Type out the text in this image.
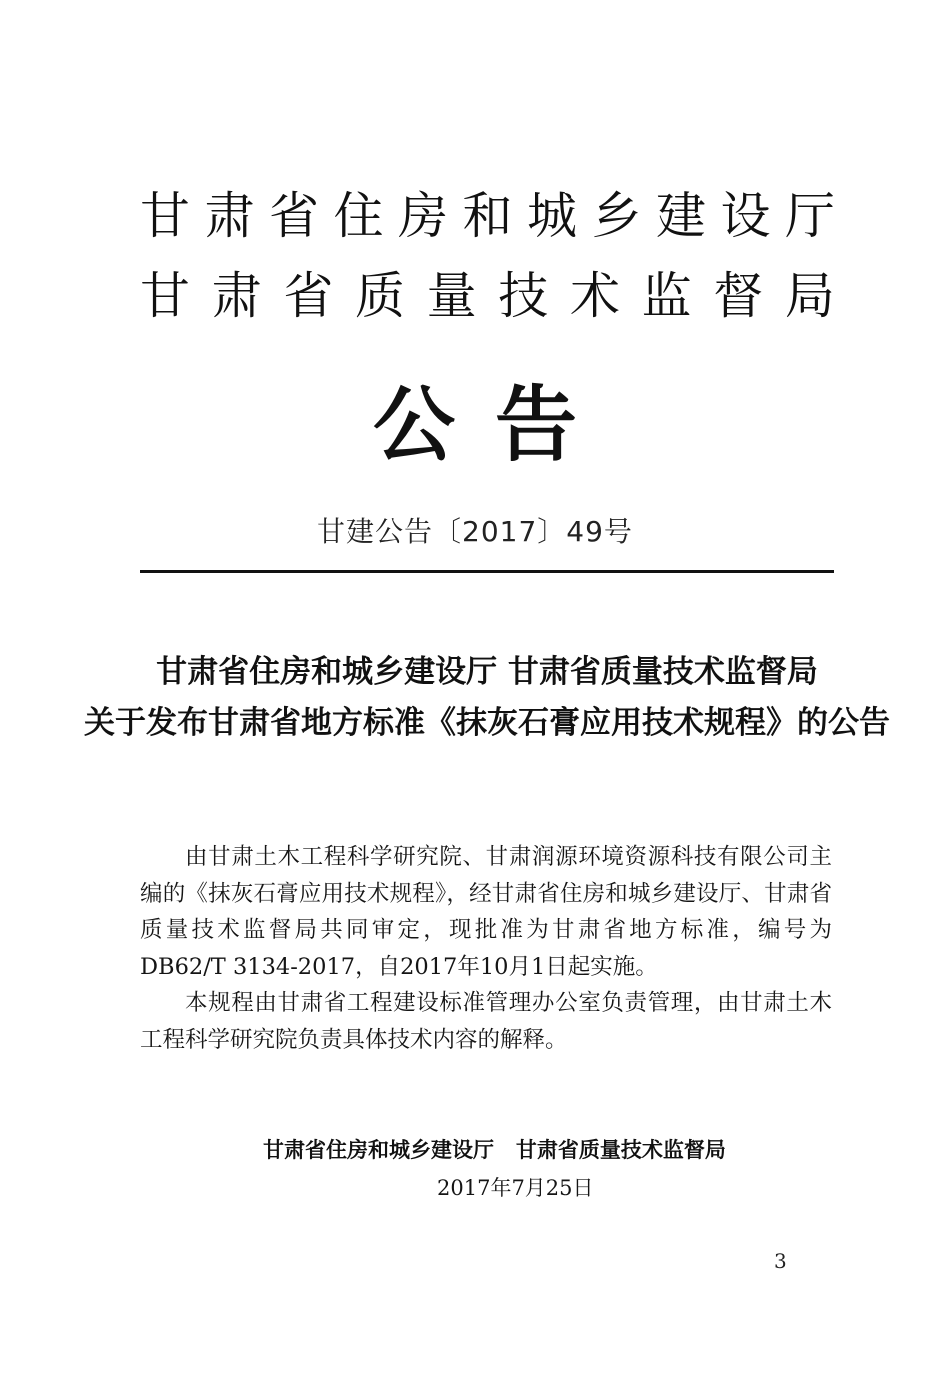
甘 肃 省 住 房 和 城 乡 建 设 厅
甘 肃 省 质 量 技 术 监 督 局
公告
甘建公告〔2017〕49号
甘肃省住房和城乡建设厅 甘肃省质量技术监督局
关于发布甘肃省地方标准《抹灰石膏应用技术规程》的公告

由甘肃土木工程科学研究院、甘肃润源环境资源科技有限公司主编的《抹灰石膏应用技术规程》，经甘肃省住房和城乡建设厅、甘肃省质量技术监督局共同审定，现批准为甘肃省地方标准，编号为DB62/T 3134-2017，自2017年10月1日起实施。

本规程由甘肃省工程建设标准管理办公室负责管理，由甘肃土木工程科学研究院负责具体技术内容的解释。

甘肃省住房和城乡建设厅   甘肃省质量技术监督局
2017年7月25日
3
